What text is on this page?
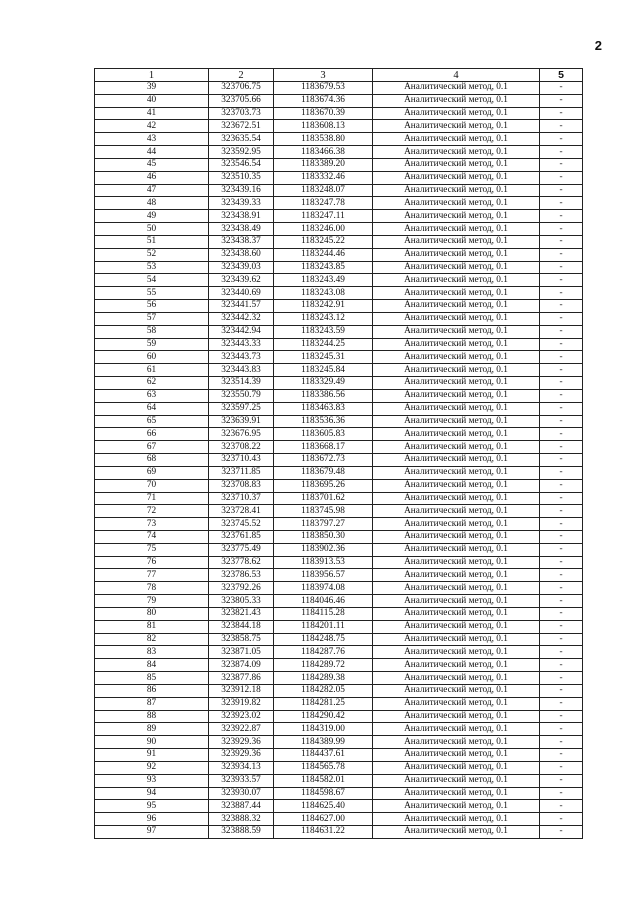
2
1	2	3	4	5
39	323706.75	1183679.53	Аналитический метод, 0.1	-
40	323705.66	1183674.36	Аналитический метод, 0.1	-
41	323703.73	1183670.39	Аналитический метод, 0.1	-
42	323672.51	1183608.13	Аналитический метод, 0.1	-
43	323635.54	1183538.80	Аналитический метод, 0.1	-
44	323592.95	1183466.38	Аналитический метод, 0.1	-
45	323546.54	1183389.20	Аналитический метод, 0.1	-
46	323510.35	1183332.46	Аналитический метод, 0.1	-
47	323439.16	1183248.07	Аналитический метод, 0.1	-
48	323439.33	1183247.78	Аналитический метод, 0.1	-
49	323438.91	1183247.11	Аналитический метод, 0.1	-
50	323438.49	1183246.00	Аналитический метод, 0.1	-
51	323438.37	1183245.22	Аналитический метод, 0.1	-
52	323438.60	1183244.46	Аналитический метод, 0.1	-
53	323439.03	1183243.85	Аналитический метод, 0.1	-
54	323439.62	1183243.49	Аналитический метод, 0.1	-
55	323440.69	1183243.08	Аналитический метод, 0.1	-
56	323441.57	1183242.91	Аналитический метод, 0.1	-
57	323442.32	1183243.12	Аналитический метод, 0.1	-
58	323442.94	1183243.59	Аналитический метод, 0.1	-
59	323443.33	1183244.25	Аналитический метод, 0.1	-
60	323443.73	1183245.31	Аналитический метод, 0.1	-
61	323443.83	1183245.84	Аналитический метод, 0.1	-
62	323514.39	1183329.49	Аналитический метод, 0.1	-
63	323550.79	1183386.56	Аналитический метод, 0.1	-
64	323597.25	1183463.83	Аналитический метод, 0.1	-
65	323639.91	1183536.36	Аналитический метод, 0.1	-
66	323676.95	1183605.83	Аналитический метод, 0.1	-
67	323708.22	1183668.17	Аналитический метод, 0.1	-
68	323710.43	1183672.73	Аналитический метод, 0.1	-
69	323711.85	1183679.48	Аналитический метод, 0.1	-
70	323708.83	1183695.26	Аналитический метод, 0.1	-
71	323710.37	1183701.62	Аналитический метод, 0.1	-
72	323728.41	1183745.98	Аналитический метод, 0.1	-
73	323745.52	1183797.27	Аналитический метод, 0.1	-
74	323761.85	1183850.30	Аналитический метод, 0.1	-
75	323775.49	1183902.36	Аналитический метод, 0.1	-
76	323778.62	1183913.53	Аналитический метод, 0.1	-
77	323786.53	1183956.57	Аналитический метод, 0.1	-
78	323792.26	1183974.08	Аналитический метод, 0.1	-
79	323805.33	1184046.46	Аналитический метод, 0.1	-
80	323821.43	1184115.28	Аналитический метод, 0.1	-
81	323844.18	1184201.11	Аналитический метод, 0.1	-
82	323858.75	1184248.75	Аналитический метод, 0.1	-
83	323871.05	1184287.76	Аналитический метод, 0.1	-
84	323874.09	1184289.72	Аналитический метод, 0.1	-
85	323877.86	1184289.38	Аналитический метод, 0.1	-
86	323912.18	1184282.05	Аналитический метод, 0.1	-
87	323919.82	1184281.25	Аналитический метод, 0.1	-
88	323923.02	1184290.42	Аналитический метод, 0.1	-
89	323922.87	1184319.00	Аналитический метод, 0.1	-
90	323929.36	1184389.99	Аналитический метод, 0.1	-
91	323929.36	1184437.61	Аналитический метод, 0.1	-
92	323934.13	1184565.78	Аналитический метод, 0.1	-
93	323933.57	1184582.01	Аналитический метод, 0.1	-
94	323930.07	1184598.67	Аналитический метод, 0.1	-
95	323887.44	1184625.40	Аналитический метод, 0.1	-
96	323888.32	1184627.00	Аналитический метод, 0.1	-
97	323888.59	1184631.22	Аналитический метод, 0.1	-
